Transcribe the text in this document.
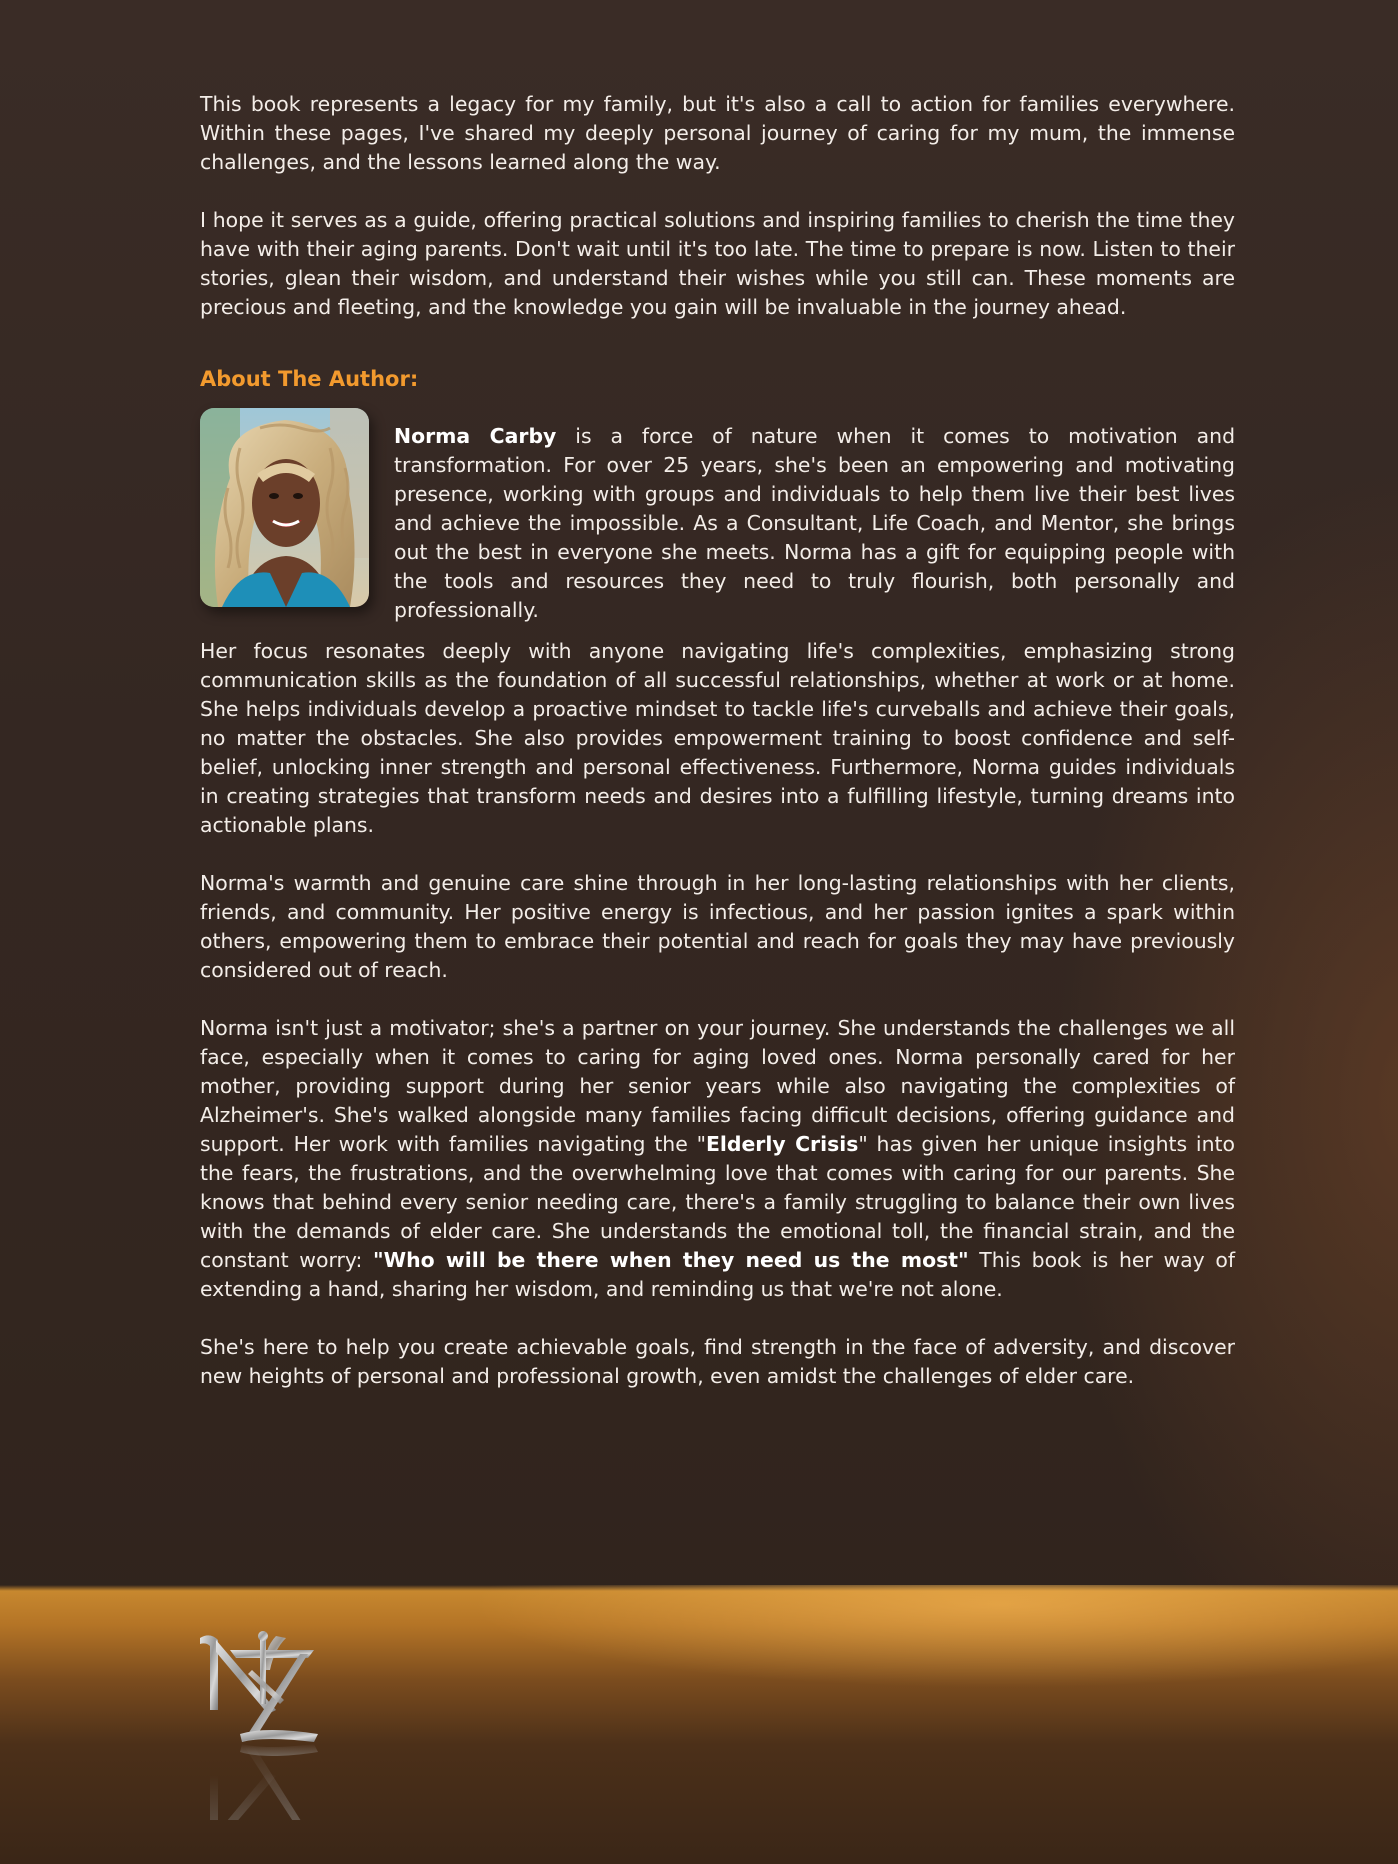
This book represents a legacy for my family, but it's also a call to action for families everywhere. Within these pages, I've shared my deeply personal journey of caring for my mum, the immense challenges, and the lessons learned along the way.

I hope it serves as a guide, offering practical solutions and inspiring families to cherish the time they have with their aging parents. Don't wait until it's too late. The time to prepare is now. Listen to their stories, glean their wisdom, and understand their wishes while you still can. These moments are precious and fleeting, and the knowledge you gain will be invaluable in the journey ahead.

About The Author:

Norma Carby is a force of nature when it comes to motivation and transformation. For over 25 years, she's been an empowering and motivating presence, working with groups and individuals to help them live their best lives and achieve the impossible. As a Consultant, Life Coach, and Mentor, she brings out the best in everyone she meets. Norma has a gift for equipping people with the tools and resources they need to truly flourish, both personally and professionally.

Her focus resonates deeply with anyone navigating life's complexities, emphasizing strong communication skills as the foundation of all successful relationships, whether at work or at home. She helps individuals develop a proactive mindset to tackle life's curveballs and achieve their goals, no matter the obstacles. She also provides empowerment training to boost confidence and self-belief, unlocking inner strength and personal effectiveness. Furthermore, Norma guides individuals in creating strategies that transform needs and desires into a fulfilling lifestyle, turning dreams into actionable plans.

Norma's warmth and genuine care shine through in her long-lasting relationships with her clients, friends, and community. Her positive energy is infectious, and her passion ignites a spark within others, empowering them to embrace their potential and reach for goals they may have previously considered out of reach.

Norma isn't just a motivator; she's a partner on your journey. She understands the challenges we all face, especially when it comes to caring for aging loved ones. Norma personally cared for her mother, providing support during her senior years while also navigating the complexities of Alzheimer's. She's walked alongside many families facing difficult decisions, offering guidance and support. Her work with families navigating the "Elderly Crisis" has given her unique insights into the fears, the frustrations, and the overwhelming love that comes with caring for our parents. She knows that behind every senior needing care, there's a family struggling to balance their own lives with the demands of elder care. She understands the emotional toll, the financial strain, and the constant worry: "Who will be there when they need us the most" This book is her way of extending a hand, sharing her wisdom, and reminding us that we're not alone.

She's here to help you create achievable goals, find strength in the face of adversity, and discover new heights of personal and professional growth, even amidst the challenges of elder care.
